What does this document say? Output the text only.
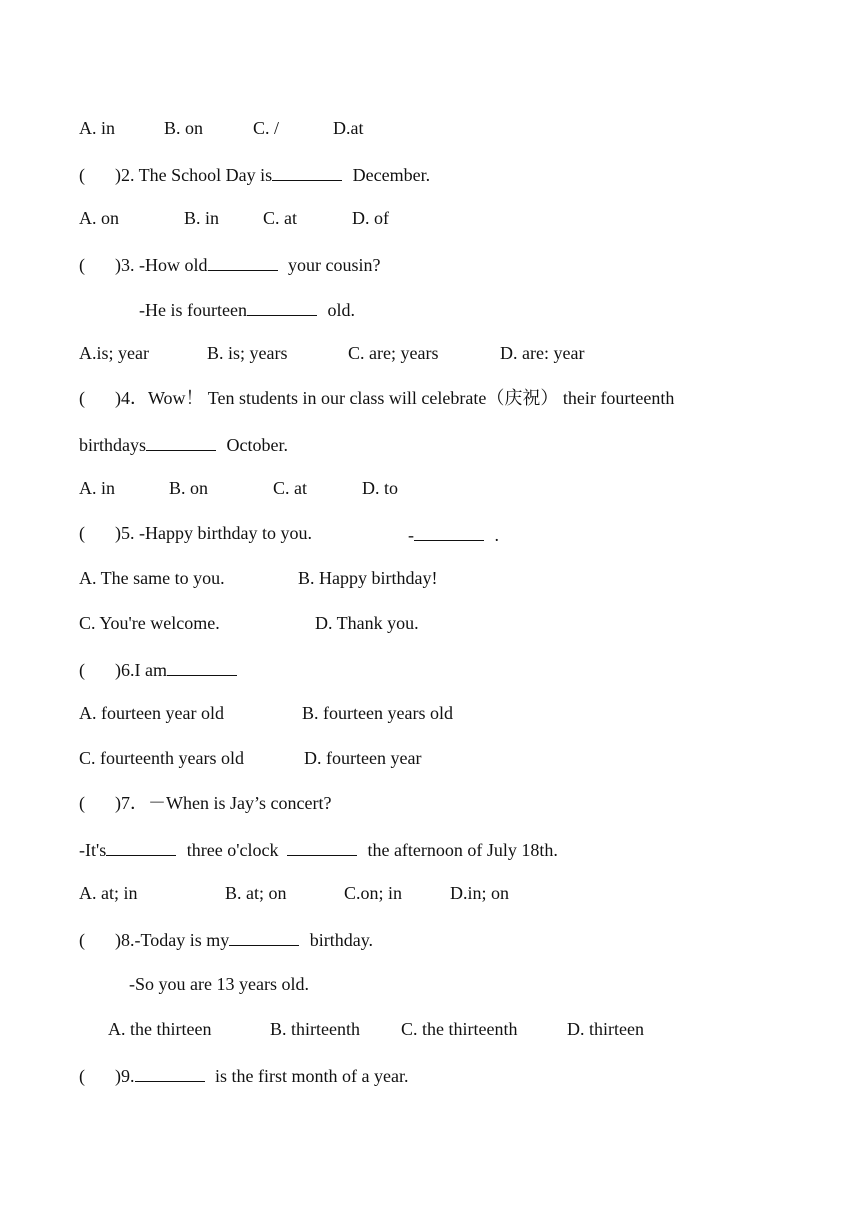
A. in	B. on	C. /	D.at
( )2. The School Day is	December.
A. on	B. in C. at	D. of
( )3. -How old	your cousin?
-He is fourteen	old.
A.is; year	B. is; years	C. are; years	D. are: year
( )4．Wow！ Ten students in our class will celebrate（庆祝） their fourteenth
birthdays	October.
A. in	B. on	C. at	D. to
( )5. -Happy birthday to you.	-	.
A. The same to you.	B. Happy birthday!
C. You're welcome.	D. Thank you.
( )6.I am
A. fourteen year old	B. fourteen years old
C. fourteenth years old	D. fourteen year
( )7．－When is Jay’s concert?
-It's	three o'clock	the afternoon of July 18th.
A. at; in	B. at; on	C.on; in	D.in; on
( )8.-Today is my	birthday.
-So you are 13 years old.
A. the thirteen	B. thirteenth C. the thirteenth	D. thirteen
( )9.	is the first month of a year.
